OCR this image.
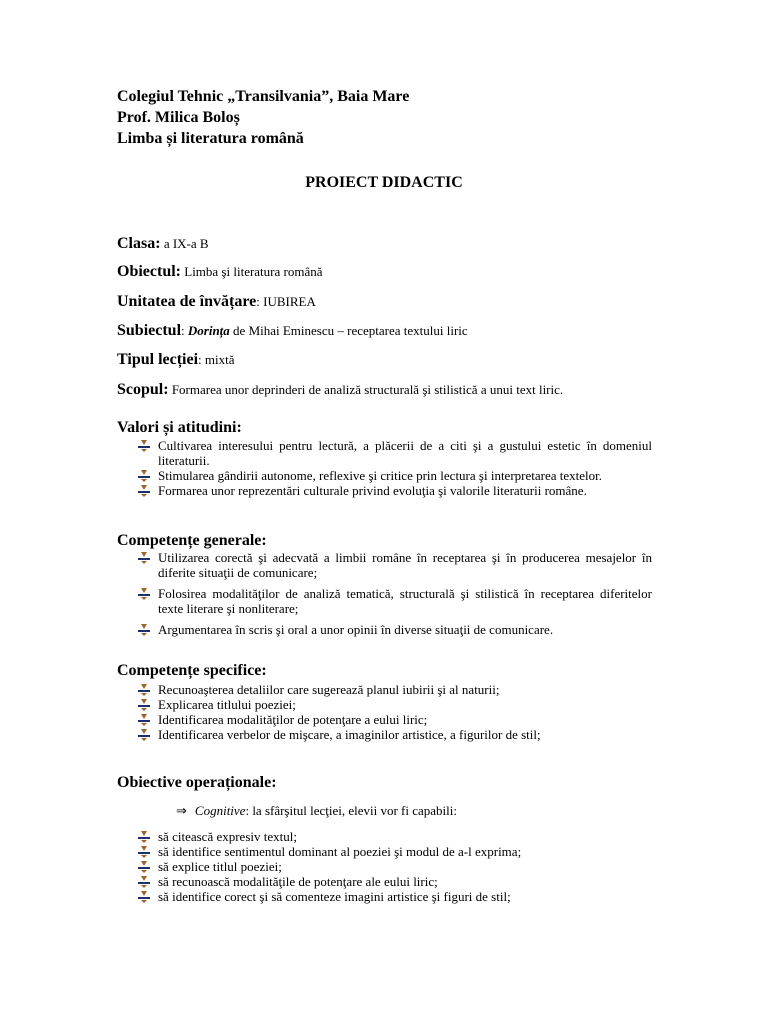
Colegiul Tehnic „Transilvania”, Baia Mare
Prof. Milica Boloș
Limba și literatura română
PROIECT DIDACTIC
Clasa: a IX-a B
Obiectul: Limba şi literatura română
Unitatea de învățare: IUBIREA
Subiectul: Dorința de Mihai Eminescu – receptarea textului liric
Tipul lecției: mixtă
Scopul: Formarea unor deprinderi de analiză structurală şi stilistică a unui text liric.
Valori și atitudini:
Cultivarea interesului pentru lectură, a plăcerii de a citi şi a gustului estetic în domeniul literaturii.
Stimularea gândirii autonome, reflexive şi critice prin lectura şi interpretarea textelor.
Formarea unor reprezentări culturale privind evoluţia şi valorile literaturii române.
Competențe generale:
Utilizarea corectă şi adecvată a limbii române în receptarea şi în producerea mesajelor în diferite situaţii de comunicare;
Folosirea modalităţilor de analiză tematică, structurală şi stilistică în receptarea diferitelor texte literare şi nonliterare;
Argumentarea în scris şi oral a unor opinii în diverse situaţii de comunicare.
Competențe specifice:
Recunoaşterea detaliilor care sugerează planul iubirii şi al naturii;
Explicarea titlului poeziei;
Identificarea modalităţilor de potenţare a eului liric;
Identificarea verbelor de mişcare, a imaginilor artistice, a figurilor de stil;
Obiective operaționale:
⇒ Cognitive: la sfârşitul lecţiei, elevii vor fi capabili:
să citească expresiv textul;
să identifice sentimentul dominant al poeziei şi modul de a-l exprima;
să explice titlul poeziei;
să recunoască modalităţile de potenţare ale eului liric;
să identifice corect şi să comenteze imagini artistice şi figuri de stil;
